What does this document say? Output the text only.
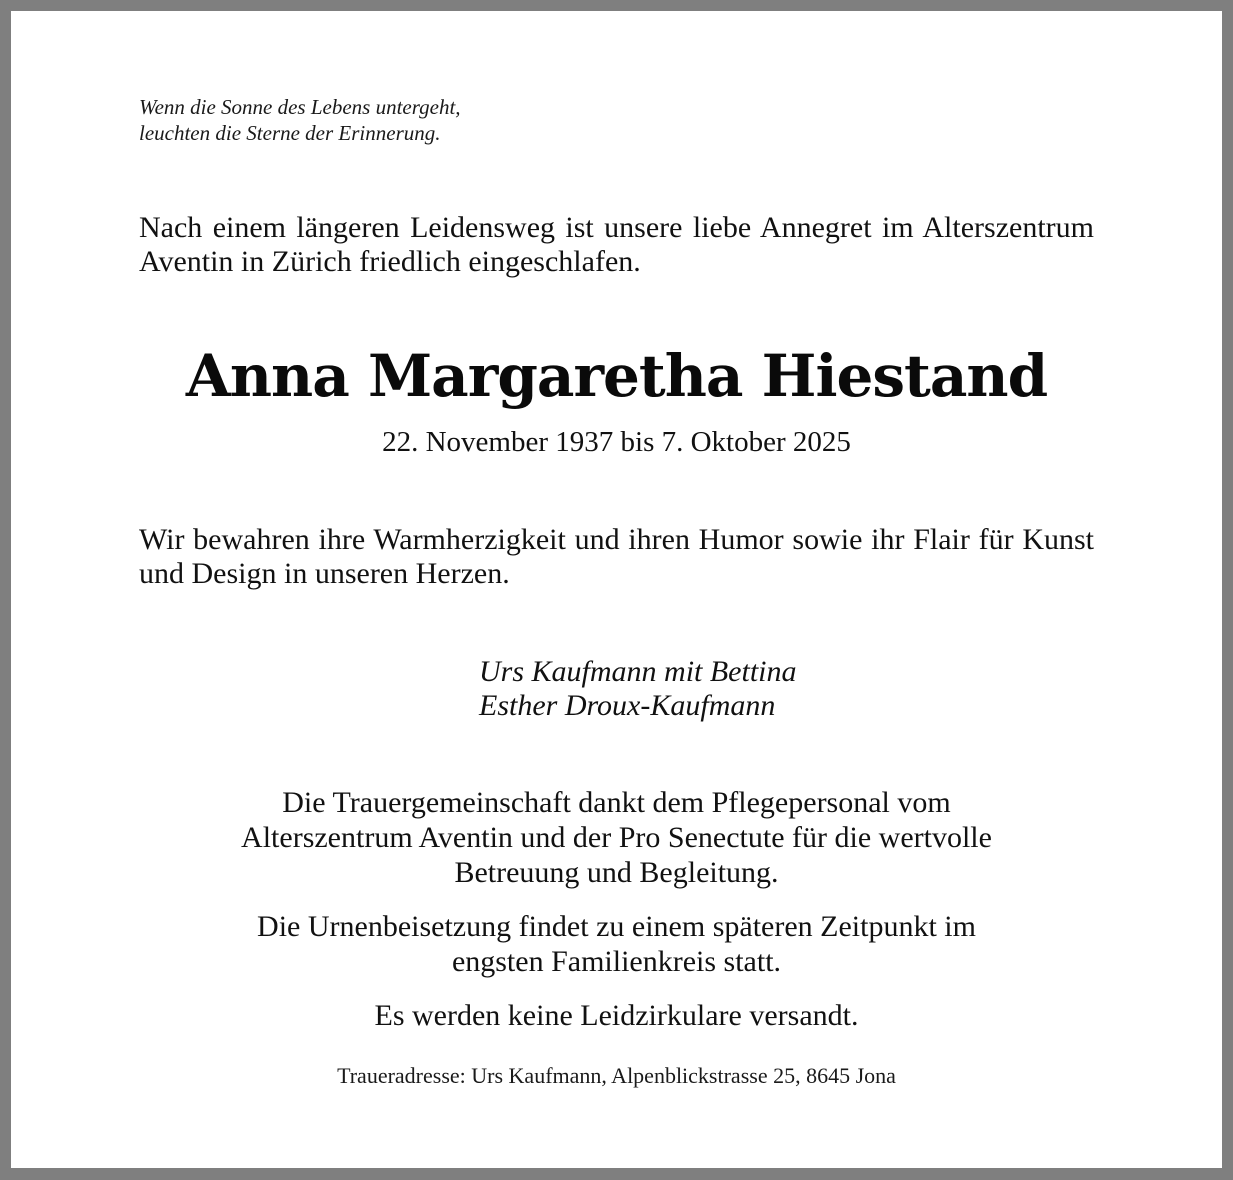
Wenn die Sonne des Lebens untergeht,
leuchten die Sterne der Erinnerung.
Nach einem längeren Leidensweg ist unsere liebe Annegret im Alterszentrum Aventin in Zürich friedlich eingeschlafen.
Anna Margaretha Hiestand
22. November 1937 bis 7. Oktober 2025
Wir bewahren ihre Warmherzigkeit und ihren Humor sowie ihr Flair für Kunst und Design in unseren Herzen.
Urs Kaufmann mit Bettina
Esther Droux-Kaufmann
Die Trauergemeinschaft dankt dem Pflegepersonal vom
Alterszentrum Aventin und der Pro Senectute für die wertvolle
Betreuung und Begleitung.
Die Urnenbeisetzung findet zu einem späteren Zeitpunkt im
engsten Familienkreis statt.
Es werden keine Leidzirkulare versandt.
Traueradresse: Urs Kaufmann, Alpenblickstrasse 25, 8645 Jona
